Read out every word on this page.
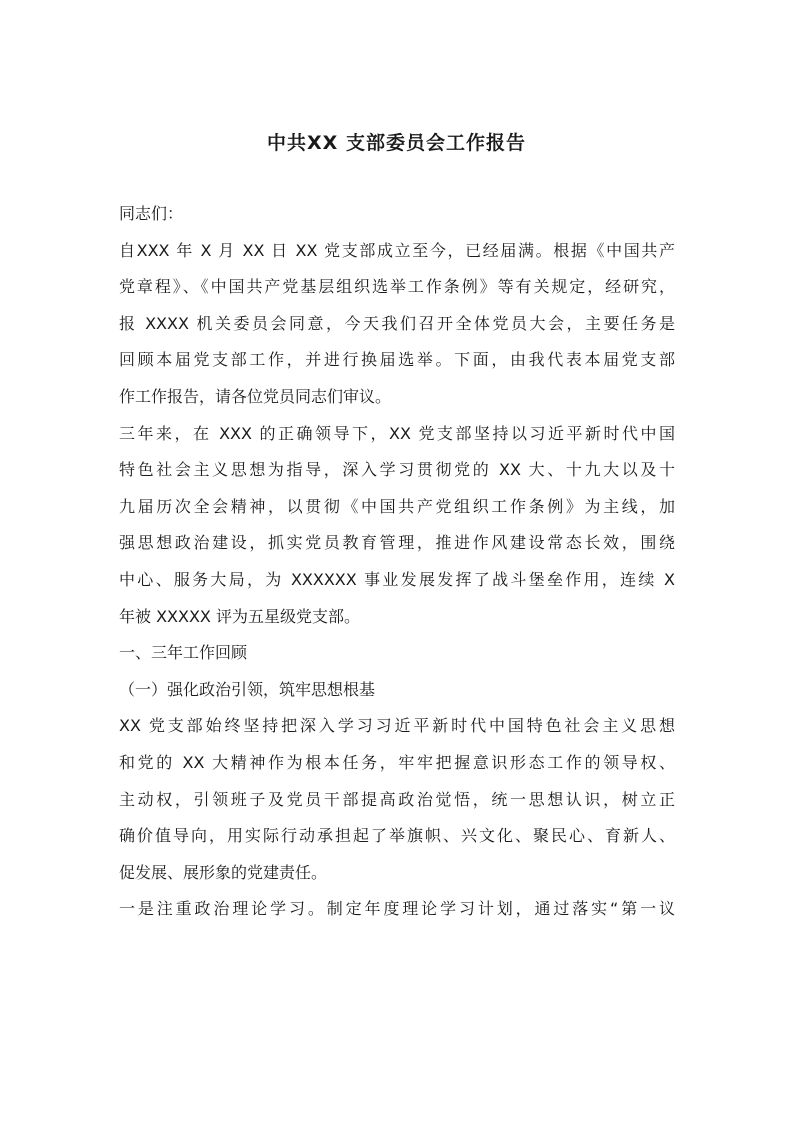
中共XX 支部委员会工作报告
同志们：
自XXX 年 X 月 XX 日 XX 党支部成立至今，已经届满。根据《中国共产
党章程》、《中国共产党基层组织选举工作条例》等有关规定，经研究，
报 XXXX 机关委员会同意，今天我们召开全体党员大会，主要任务是
回顾本届党支部工作，并进行换届选举。下面，由我代表本届党支部
作工作报告，请各位党员同志们审议。
三年来，在 XXX 的正确领导下，XX 党支部坚持以习近平新时代中国
特色社会主义思想为指导，深入学习贯彻党的 XX 大、十九大以及十
九届历次全会精神，以贯彻《中国共产党组织工作条例》为主线，加
强思想政治建设，抓实党员教育管理，推进作风建设常态长效，围绕
中心、服务大局，为 XXXXXX 事业发展发挥了战斗堡垒作用，连续 X
年被 XXXXX 评为五星级党支部。
一、三年工作回顾
（一）强化政治引领，筑牢思想根基
XX 党支部始终坚持把深入学习习近平新时代中国特色社会主义思想
和党的 XX 大精神作为根本任务，牢牢把握意识形态工作的领导权、
主动权，引领班子及党员干部提高政治觉悟，统一思想认识，树立正
确价值导向，用实际行动承担起了举旗帜、兴文化、聚民心、育新人、
促发展、展形象的党建责任。
一是注重政治理论学习。制定年度理论学习计划，通过落实“第一议
